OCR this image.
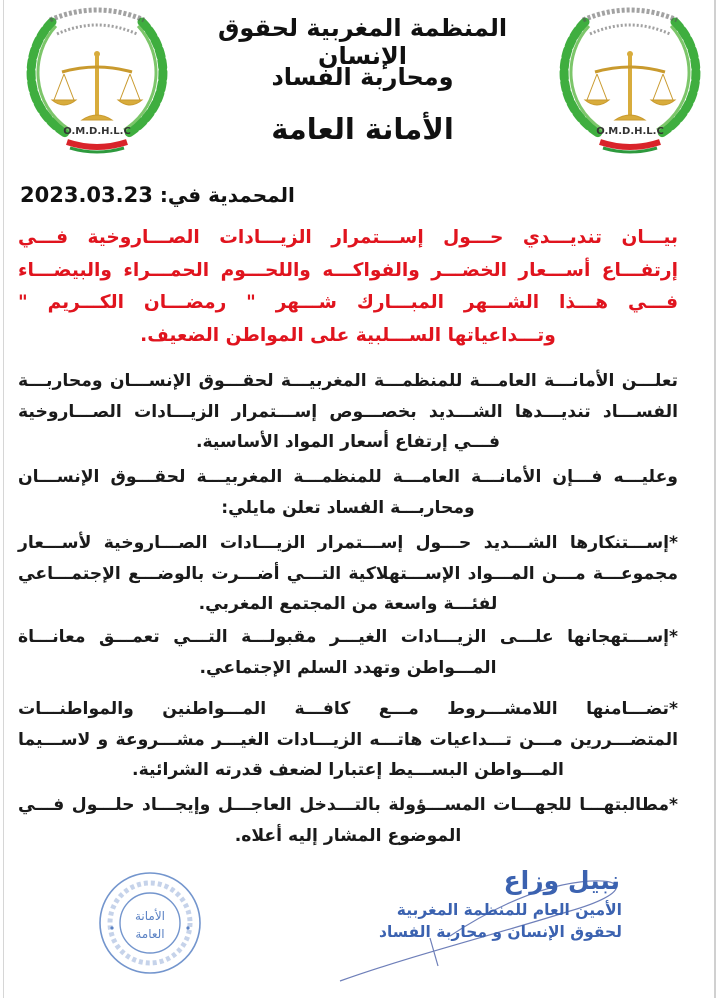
O.M.D.H.L.C	O.M.D.H.L.C
المنظمة المغربية لحقوق الإنسان
ومحاربة الفساد
الأمانة العامة
المحمدية في: 2023.03.23
بيـــان تنديـــدي حـــول إســـتمرار الزيـــادات الصـــاروخية فـــي إرتفـــاع أســـعار الخضـــر والفواكـــه واللحـــوم الحمـــراء والبيضـــاء فـــي هـــذا الشـــهر المبـــارك شـــهر " رمضـــان الكـــريم " وتـــداعياتها الســـلبية على المواطن الضعيف.
تعلـــن الأمانـــة العامـــة للمنظمـــة المغربيـــة لحقـــوق الإنســـان ومحاربـــة الفســـاد تنديـــدها الشـــديد بخصـــوص إســـتمرار الزيـــادات الصـــاروخية فـــي إرتفاع أسعار المواد الأساسية.
وعليـــه فـــإن الأمانـــة العامـــة للمنظمـــة المغربيـــة لحقـــوق الإنســـان ومحاربـــة الفساد تعلن مايلي:
*إســـتنكارها الشـــديد حـــول إســـتمرار الزيـــادات الصـــاروخية لأســـعار مجموعـــة مـــن المـــواد الإســـتهلاكية التـــي أضـــرت بالوضـــع الإجتمـــاعي لفئـــة واسعة من المجتمع المغربي.
*إســـتهجانها علـــى الزيـــادات الغيـــر مقبولـــة التـــي تعمـــق معانـــاة المـــواطن وتهدد السلم الإجتماعي.
*تضـــامنها اللامشـــروط مـــع كافـــة المـــواطنين والمواطنـــات المتضـــررين مـــن تـــداعيات هاتـــه الزيـــادات الغيـــر مشـــروعة و لاســـيما المـــواطن البســـيط إعتبارا لضعف قدرته الشرائية.
*مطالبتهـــا للجهـــات المســـؤولة بالتـــدخل العاجـــل وإيجـــاد حلـــول فـــي الموضوع المشار إليه أعلاه.
الأمانة
العامة
نبيل وزاع
الأمين العام للمنظمة المغربية
لحقوق الإنسان و محاربة الفساد
